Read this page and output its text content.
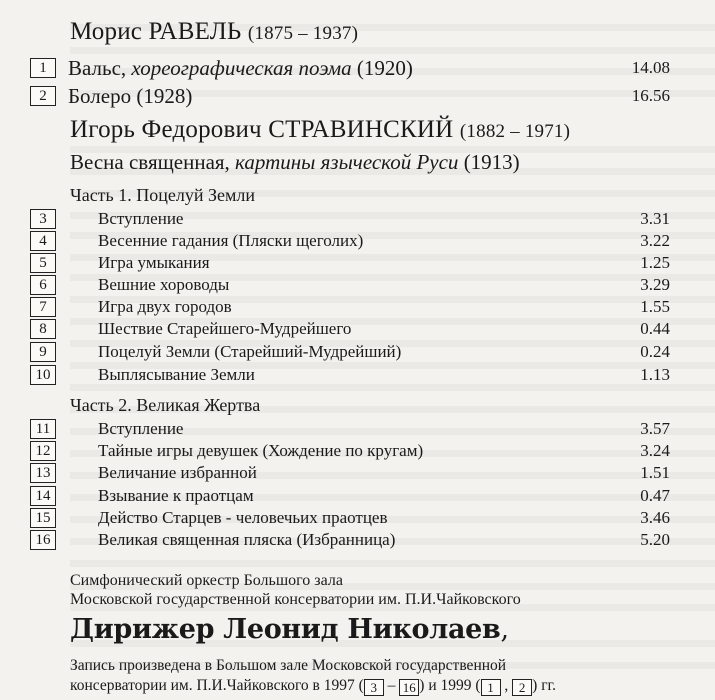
Морис РАВЕЛЬ (1875 – 1937)
1	Вальс, хореографическая поэма (1920)	14.08
2	Болеро (1928)	16.56
Игорь Федорович СТРАВИНСКИЙ (1882 – 1971)
Весна священная, картины языческой Руси (1913)
Часть 1. Поцелуй Земли
3	Вступление	3.31
4	Весенние гадания (Пляски щеголих)	3.22
5	Игра умыкания	1.25
6	Вешние хороводы	3.29
7	Игра двух городов	1.55
8	Шествие Старейшего-Мудрейшего	0.44
9	Поцелуй Земли (Старейший-Мудрейший)	0.24
10	Выплясывание Земли	1.13
Часть 2. Великая Жертва
11	Вступление	3.57
12	Тайные игры девушек (Хождение по кругам)	3.24
13	Величание избранной	1.51
14	Взывание к праотцам	0.47
15	Действо Старцев - человечьих праотцев	3.46
16	Великая священная пляска (Избранница)	5.20
Симфонический оркестр Большого зала
Московской государственной консерватории им. П.И.Чайковского
Дирижер Леонид Николаев,
Запись произведена в Большом зале Московской государственной
консерватории им. П.И.Чайковского в 1997 ( 3 – 16 ) и 1999 ( 1 , 2 ) гг.
